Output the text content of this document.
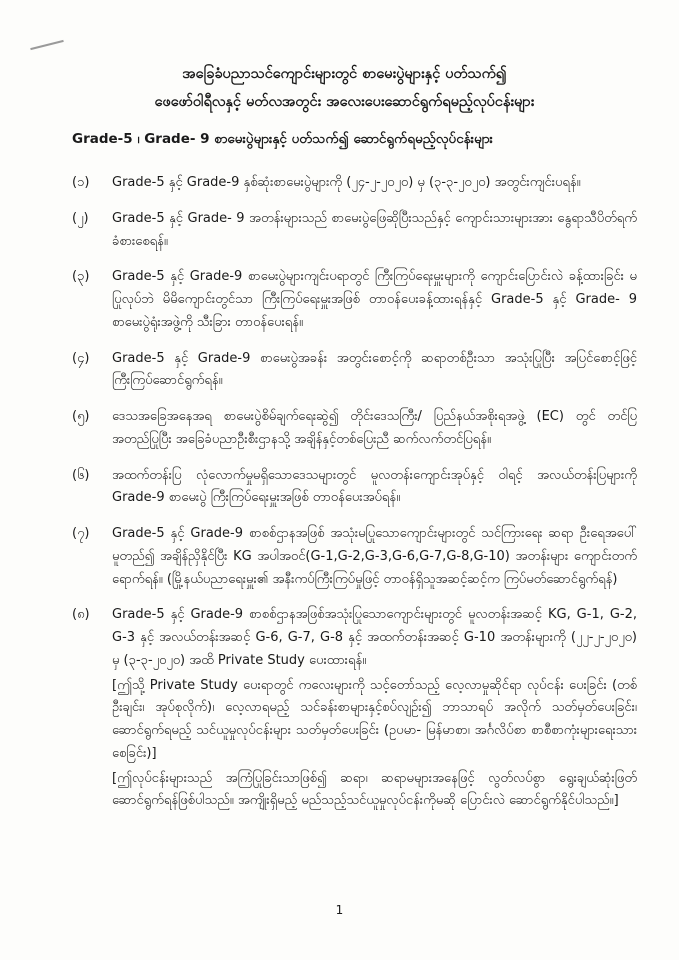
အခြေခံပညာသင်ကျောင်းများတွင် စာမေးပွဲများနှင့် ပတ်သက်၍
ဖေဖော်ဝါရီလနှင့် မတ်လအတွင်း အလေးပေးဆောင်ရွက်ရမည့်လုပ်ငန်းများ
Grade-5 ၊ Grade- 9 စာမေးပွဲများနှင့် ပတ်သက်၍ ဆောင်ရွက်ရမည့်လုပ်ငန်းများ
(၁) Grade-5 နှင့် Grade-9 နှစ်ဆုံးစာမေးပွဲများကို (၂၄-၂-၂၀၂၀) မှ (၃-၃-၂၀၂၀) အတွင်းကျင်းပရန်။

(၂) Grade-5 နှင့် Grade- 9 အတန်းများသည် စာမေးပွဲဖြေဆိုပြီးသည်နှင့် ကျောင်းသားများအား နွေရာသီပိတ်ရက် ခံစားစေရန်။

(၃) Grade-5 နှင့် Grade-9 စာမေးပွဲများကျင်းပရာတွင် ကြီးကြပ်ရေးမှူးများကို ကျောင်းပြောင်းလဲ ခန့်ထားခြင်း မပြုလုပ်ဘဲ မိမိကျောင်းတွင်သာ ကြီးကြပ်ရေးမှူးအဖြစ် တာဝန်ပေးခန့်ထားရန်နှင့် Grade-5 နှင့် Grade- 9 စာမေးပွဲရုံးအဖွဲ့ကို သီးခြား တာဝန်ပေးရန်။

(၄) Grade-5 နှင့် Grade-9 စာမေးပွဲအခန်း အတွင်းစောင့်ကို ဆရာတစ်ဦးသာ အသုံးပြုပြီး အပြင်စောင့်ဖြင့် ကြီးကြပ်ဆောင်ရွက်ရန်။

(၅) ဒေသအခြေအနေအရ စာမေးပွဲစိမ်ချက်ရေးဆွဲ၍ တိုင်းဒေသကြီး/ ပြည်နယ်အစိုးရအဖွဲ့ (EC) တွင် တင်ပြအတည်ပြုပြီး အခြေခံပညာဦးစီးဌာနသို့ အချိန်နှင့်တစ်ပြေးညီ ဆက်လက်တင်ပြရန်။

(၆) အထက်တန်းပြ လုံလောက်မှုမရှိသောဒေသများတွင် မူလတန်းကျောင်းအုပ်နှင့် ဝါရင့် အလယ်တန်းပြများကို Grade-9 စာမေးပွဲ ကြီးကြပ်ရေးမှူးအဖြစ် တာဝန်ပေးအပ်ရန်။

(၇) Grade-5 နှင့် Grade-9 စာစစ်ဌာနအဖြစ် အသုံးမပြုသောကျောင်းများတွင် သင်ကြားရေး ဆရာ ဦးရေအပေါ် မူတည်၍ အချိန်ညှိနိုင်ပြီး KG အပါအဝင်(G-1,G-2,G-3,G-6,G-7,G-8,G-10) အတန်းများ ကျောင်းတက်ရောက်ရန်။ (မြို့နယ်ပညာရေးမှူး၏ အနီးကပ်ကြီးကြပ်မှုဖြင့် တာဝန်ရှိသူအဆင့်ဆင့်က ကြပ်မတ်ဆောင်ရွက်ရန်)

(၈) Grade-5 နှင့် Grade-9 စာစစ်ဌာနအဖြစ်အသုံးပြုသောကျောင်းများတွင် မူလတန်းအဆင့် KG, G-1, G-2, G-3 နှင့် အလယ်တန်းအဆင့် G-6, G-7, G-8 နှင့် အထက်တန်းအဆင့် G-10 အတန်းများကို (၂၂-၂-၂၀၂၀) မှ (၃-၃-၂၀၂၀) အထိ Private Study ပေးထားရန်။

[ဤသို့ Private Study ပေးရာတွင် ကလေးများကို သင့်တော်သည့် လေ့လာမှုဆိုင်ရာ လုပ်ငန်း ပေးခြင်း (တစ်ဦးချင်း၊ အုပ်စုလိုက်)၊ လေ့လာရမည့် သင်ခန်းစာများနှင့်စပ်လျဉ်း၍ ဘာသာရပ် အလိုက် သတ်မှတ်ပေးခြင်း၊ ဆောင်ရွက်ရမည့် သင်ယူမှုလုပ်ငန်းများ သတ်မှတ်ပေးခြင်း (ဥပမာ- မြန်မာစာ၊ အင်္ဂလိပ်စာ စာစီစာကုံးများရေးသားစေခြင်း)]

[ဤလုပ်ငန်းများသည် အကြံပြုခြင်းသာဖြစ်၍ ဆရာ၊ ဆရာမများအနေဖြင့် လွတ်လပ်စွာ ရွေးချယ်ဆုံးဖြတ် ဆောင်ရွက်ရန်ဖြစ်ပါသည်။ အကျိုးရှိမည့် မည်သည့်သင်ယူမှုလုပ်ငန်းကိုမဆို ပြောင်းလဲ ဆောင်ရွက်နိုင်ပါသည်။]

1
